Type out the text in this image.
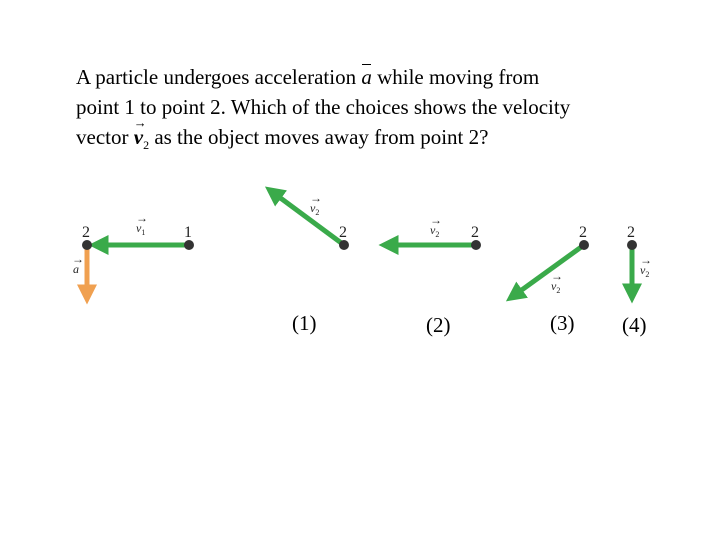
A particle undergoes acceleration a while moving from
point 1 to point 2. Which of the choices shows the velocity
vector → $v_2$ as the object moves away from point 2?
2	1
$v_1$
→
a
→
2
$v_2$
→
(1)
2
$v_2$
→
(2)
2
$v_2$
→
(3)
2
$v_2$
→
(4)
